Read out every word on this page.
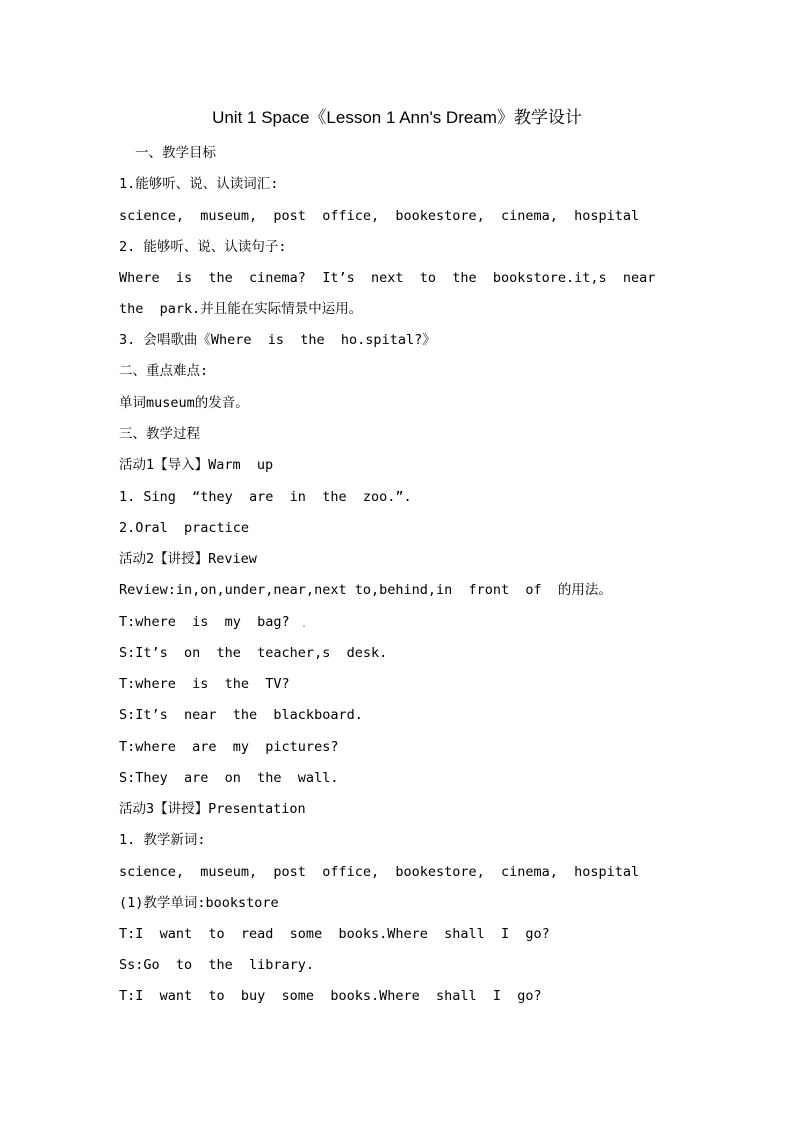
Unit 1 Space《Lesson 1 Ann's Dream》教学设计
一、教学目标
1.能够听、说、认读词汇:
science,  museum,  post  office,  bookestore,  cinema,  hospital
2. 能够听、说、认读句子:
Where  is  the  cinema?  It’s  next  to  the  bookstore.it,s  near
the  park.并且能在实际情景中运用。
3. 会唱歌曲《Where  is  the  ho.spital?》
二、重点难点:
单词museum的发音。
三、教学过程
活动1【导入】Warm  up
1. Sing  “they  are  in  the  zoo.”.
2.Oral  practice
活动2【讲授】Review
Review:in,on,under,near,next to,behind,in  front  of  的用法。
T:where  is  my  bag?
S:It’s  on  the  teacher,s  desk.
T:where  is  the  TV?
S:It’s  near  the  blackboard.
T:where  are  my  pictures?
S:They  are  on  the  wall.
活动3【讲授】Presentation
1. 教学新词:
science,  museum,  post  office,  bookestore,  cinema,  hospital
(1)教学单词:bookstore
T:I  want  to  read  some  books.Where  shall  I  go?
Ss:Go  to  the  library.
T:I  want  to  buy  some  books.Where  shall  I  go?
